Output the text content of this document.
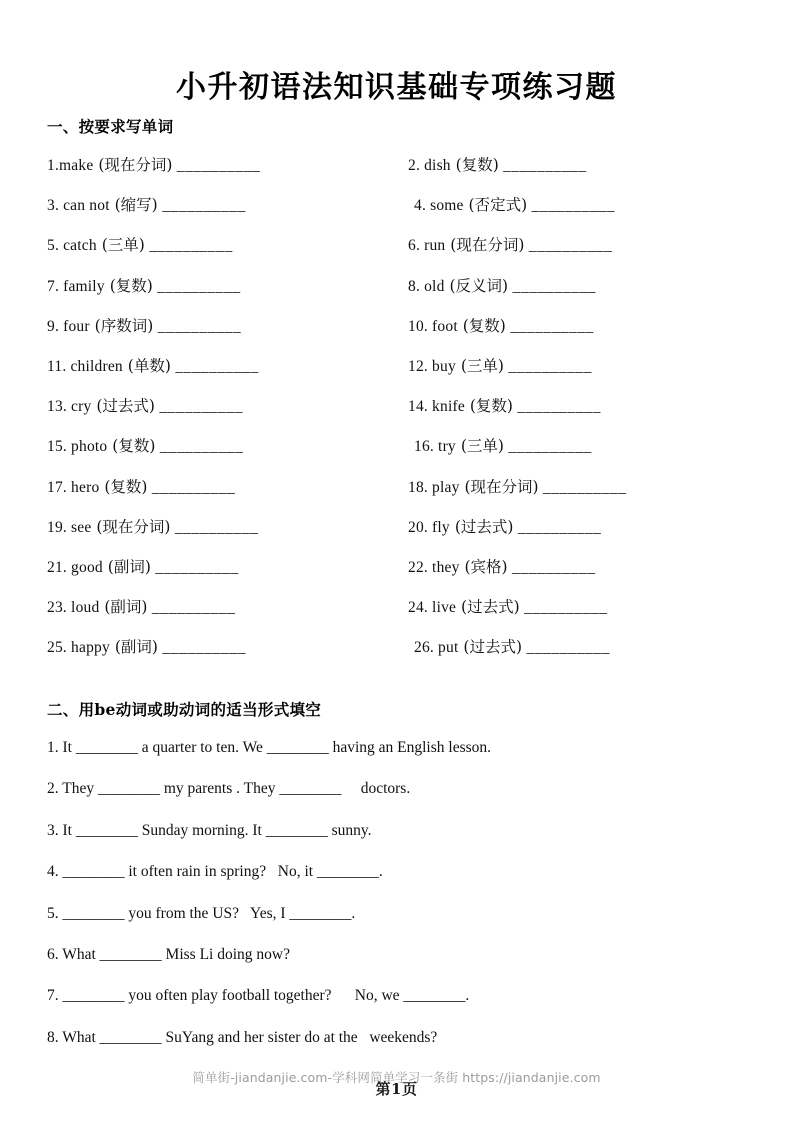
小升初语法知识基础专项练习题
一、按要求写单词
1.make (现在分词) __________	2. dish (复数) __________
3. can not (缩写) __________	4. some (否定式) __________
5. catch (三单) __________	6. run (现在分词) __________
7. family (复数) __________	8. old (反义词) __________
9. four (序数词) __________	10. foot (复数) __________
11. children (单数) __________	12. buy (三单) __________
13. cry (过去式) __________	14. knife (复数) __________
15. photo (复数) __________	16. try (三单) __________
17. hero (复数) __________	18. play (现在分词) __________
19. see (现在分词) __________	20. fly (过去式) __________
21. good (副词) __________	22. they (宾格) __________
23. loud (副词) __________	24. live (过去式) __________
25. happy (副词) __________	26. put (过去式) __________
二、用be动词或助动词的适当形式填空
1. It ________ a quarter to ten. We ________ having an English lesson.
2. They ________ my parents . They ________     doctors.
3. It ________ Sunday morning. It ________ sunny.
4. ________ it often rain in spring?   No, it ________.
5. ________ you from the US?   Yes, I ________.
6. What ________ Miss Li doing now?
7. ________ you often play football together?      No, we ________.
8. What ________ SuYang and her sister do at the   weekends?
简单街-jiandanjie.com-学科网简单学习一条街 https://jiandanjie.com
第1页
